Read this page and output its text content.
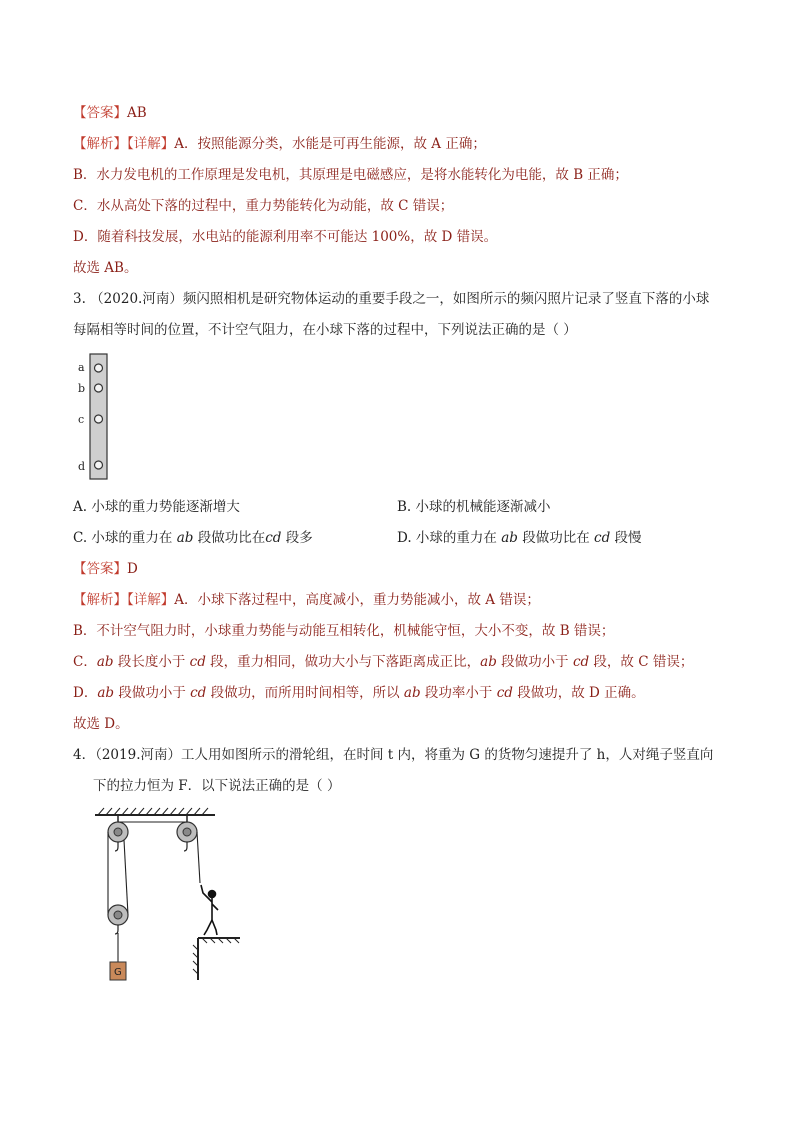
【答案】AB
【解析】【详解】A．按照能源分类，水能是可再生能源，故 A 正确；
B．水力发电机的工作原理是发电机，其原理是电磁感应，是将水能转化为电能，故 B 正确；
C．水从高处下落的过程中，重力势能转化为动能，故 C 错误；
D．随着科技发展，水电站的能源利用率不可能达 100%，故 D 错误。
故选 AB。
3. （2020.河南）频闪照相机是研究物体运动的重要手段之一，如图所示的频闪照片记录了竖直下落的小球
每隔相等时间的位置，不计空气阻力，在小球下落的过程中，下列说法正确的是（ ）
a
b
c
d
A. 小球的重力势能逐渐增大	B. 小球的机械能逐渐减小
C. 小球的重力在 ab 段做功比在cd 段多	D. 小球的重力在 ab 段做功比在 cd 段慢
【答案】D
【解析】【详解】A．小球下落过程中，高度减小，重力势能减小，故 A 错误；
B．不计空气阻力时，小球重力势能与动能互相转化，机械能守恒，大小不变，故 B 错误；
C．ab 段长度小于 cd 段，重力相同，做功大小与下落距离成正比，ab 段做功小于 cd 段，故 C 错误；
D．ab 段做功小于 cd 段做功，而所用时间相等，所以 ab 段功率小于 cd 段做功，故 D 正确。
故选 D。
4．（2019.河南）工人用如图所示的滑轮组，在时间 t 内，将重为 G 的货物匀速提升了 h，人对绳子竖直向
下的拉力恒为 F．以下说法正确的是（ ）
G
